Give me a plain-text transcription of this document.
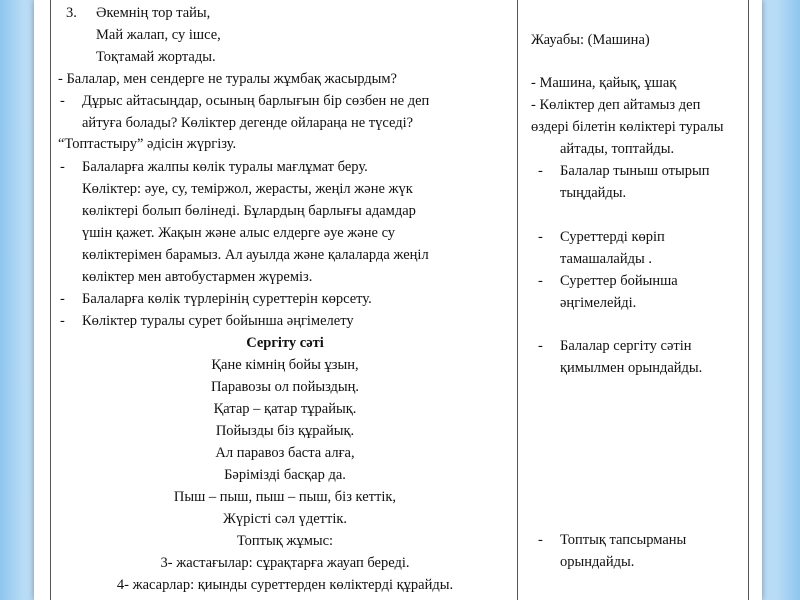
3. Әкемнің тор тайы,
Май жалап, су ішсе,
Тоқтамай жортады.
- Балалар, мен сендерге не туралы жұмбақ жасырдым?
- Дұрыс айтасыңдар, осының барлығын бір сөзбен не деп
айтуға болады? Көліктер дегенде ойлараңа не түседі?
“Топтастыру” әдісін жүргізу.
- Балаларға жалпы көлік туралы мағлұмат беру.
Көліктер: әуе, су, теміржол, жерасты, жеңіл және жүк
көліктері болып бөлінеді. Бұлардың барлығы адамдар
үшін қажет. Жақын және алыс елдерге әуе және су
көліктерімен барамыз. Ал ауылда және қалаларда жеңіл
көліктер мен автобустармен жүреміз.
- Балаларға көлік түрлерінің суреттерін көрсету.
- Көліктер туралы сурет бойынша әңгімелету
Сергіту сәті
Қане кімнің бойы ұзын,
Паравозы ол пойыздың.
Қатар – қатар тұрайық.
Пойызды біз құрайық.
Ал паравоз баста алға,
Бәрімізді басқар да.
Пыш – пыш, пыш – пыш, біз кеттік,
Жүрісті сәл үдеттік.
Топтық жұмыс:
3- жастағылар: сұрақтарға жауап береді.
4- жасарлар: қиынды суреттерден көліктерді құрайды.
Жауабы: (Машина)
- Машина, қайық, ұшақ
- Көліктер деп айтамыз деп
өздері білетін көліктері туралы
айтады, топтайды.
- Балалар тыныш отырып
тыңдайды.
- Суреттерді көріп
тамашалайды .
- Суреттер бойынша
әңгімелейді.
- Балалар сергіту сәтін
қимылмен орындайды.
- Топтық тапсырманы
орындайды.
